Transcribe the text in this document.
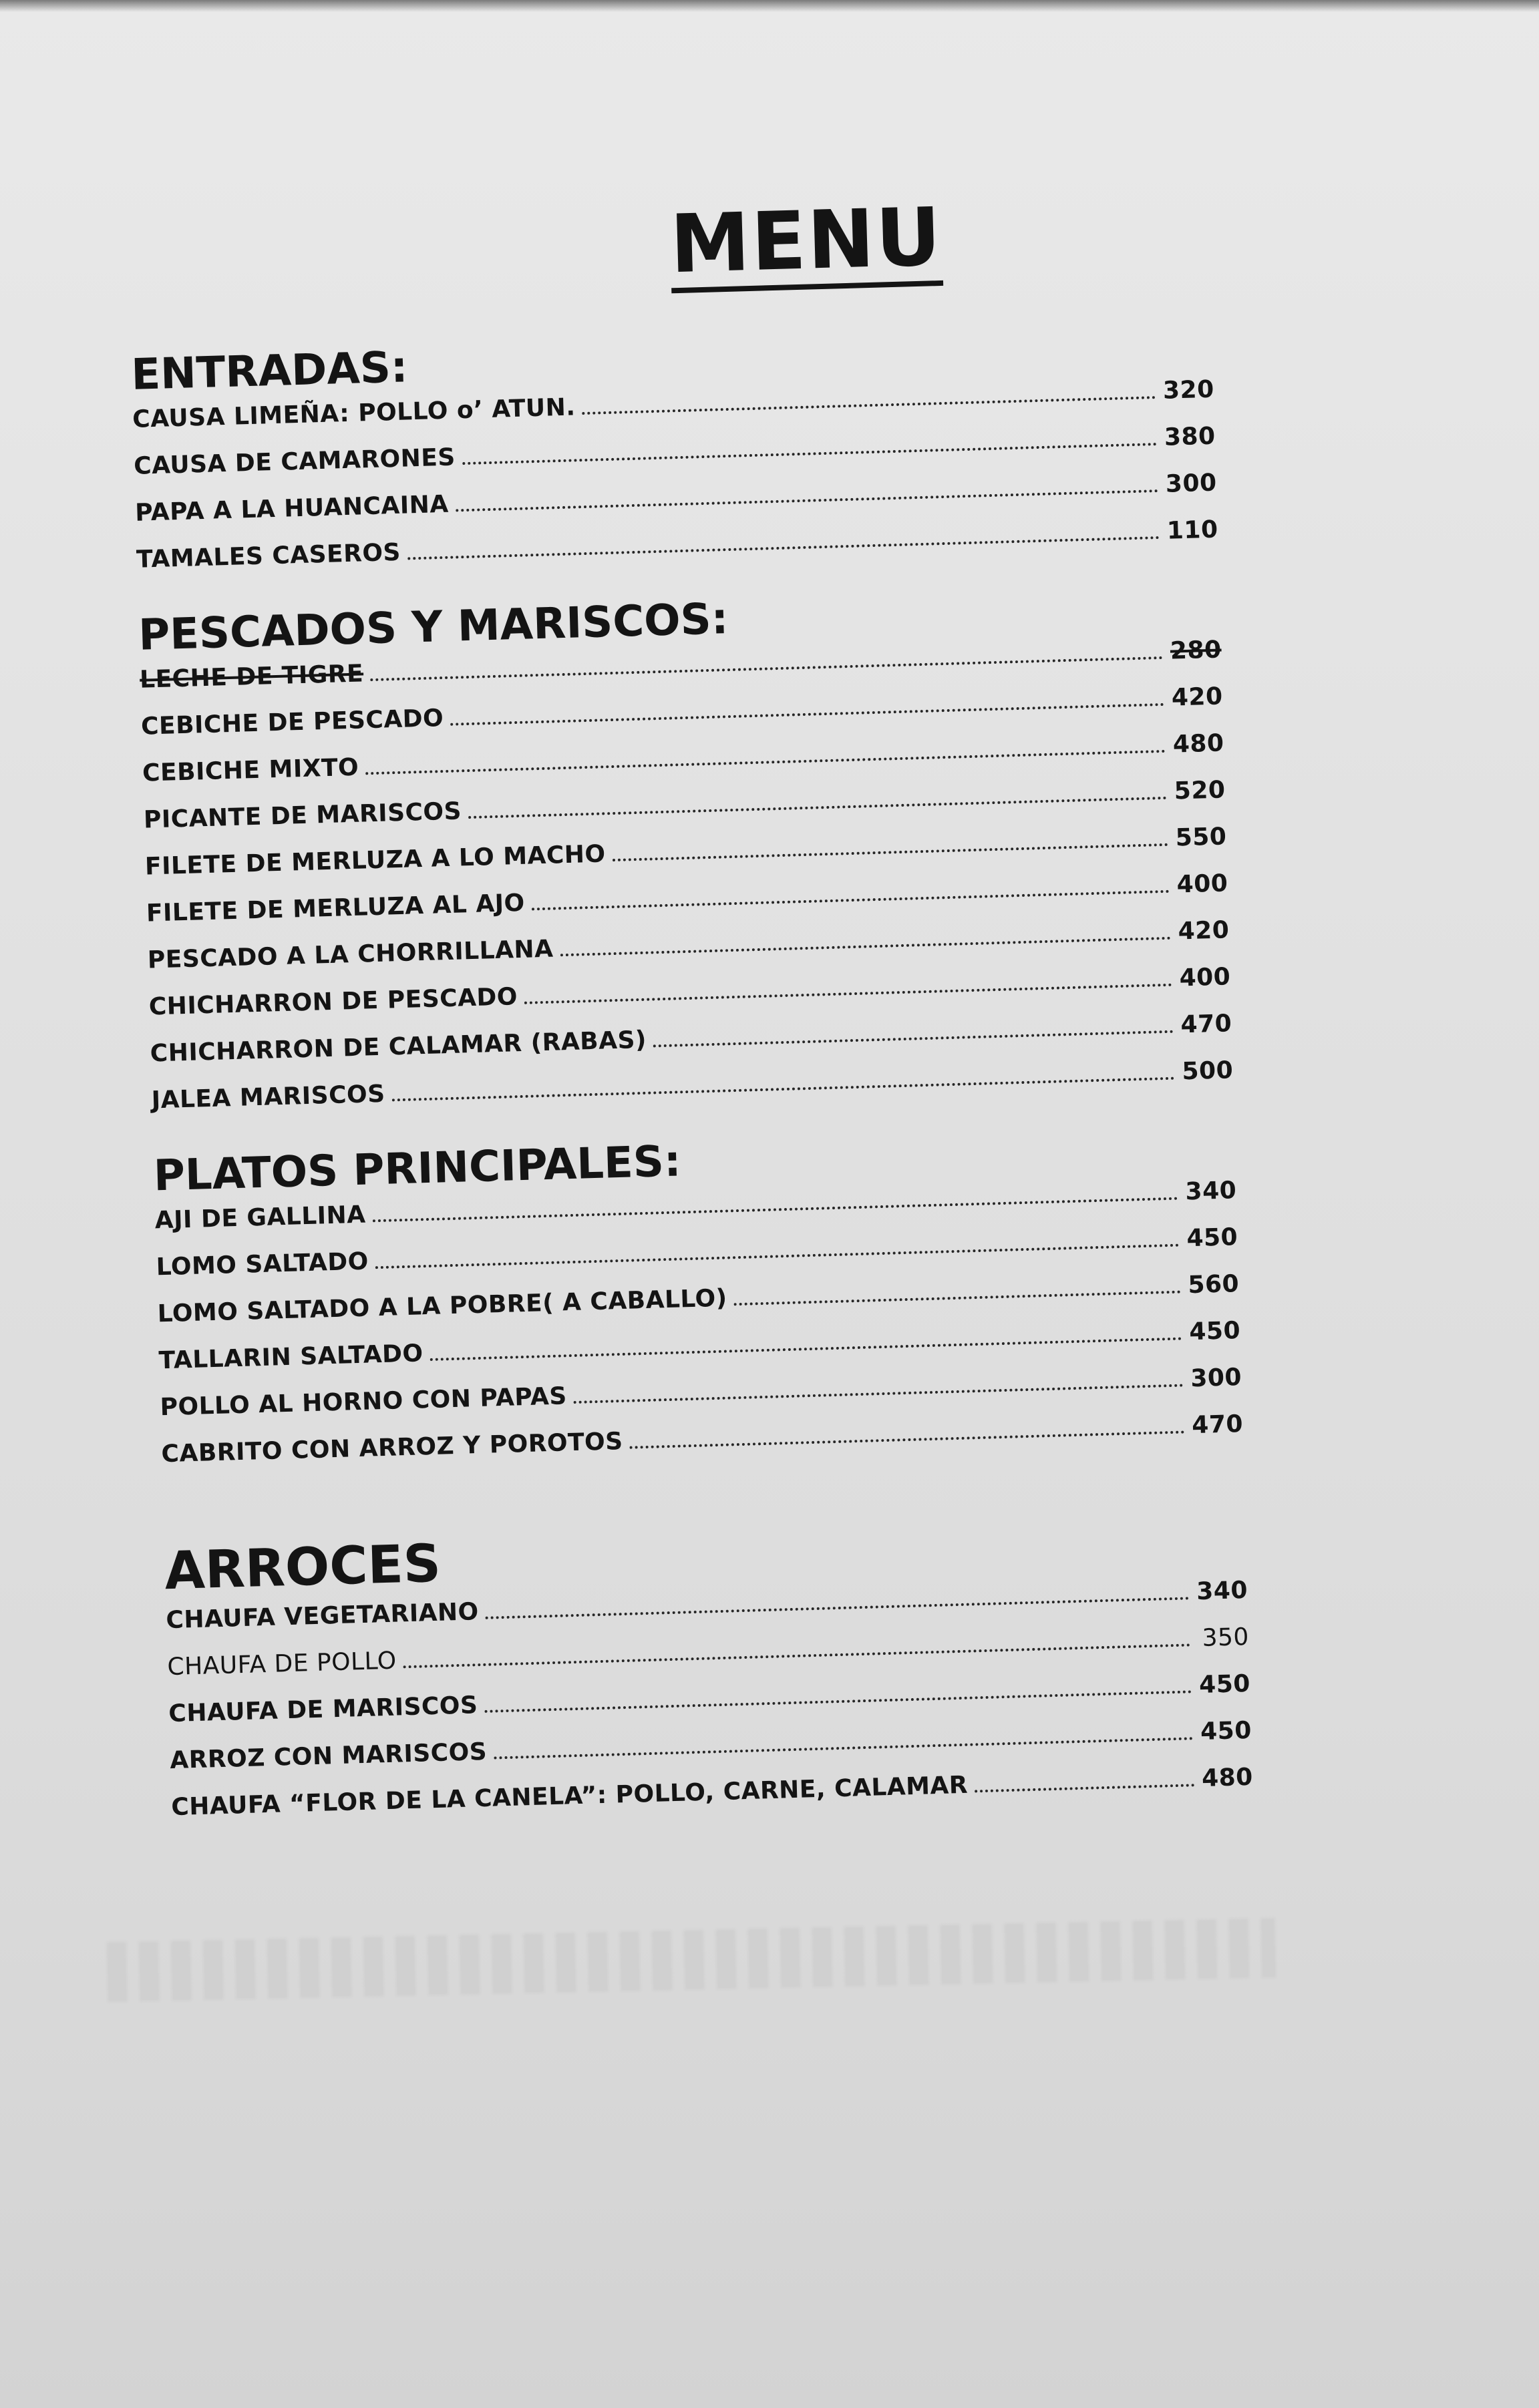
MENU
ENTRADAS:
CAUSA LIMEÑA: POLLO o’ ATUN.
320
CAUSA DE CAMARONES
380
PAPA A LA HUANCAINA
300
TAMALES CASEROS
110
PESCADOS Y MARISCOS:
LECHE DE TIGRE
280
CEBICHE DE PESCADO
420
CEBICHE MIXTO
480
PICANTE DE MARISCOS
520
FILETE DE MERLUZA A LO MACHO
550
FILETE DE MERLUZA AL AJO
400
PESCADO A LA CHORRILLANA
420
CHICHARRON DE PESCADO
400
CHICHARRON DE CALAMAR (RABAS)
470
JALEA MARISCOS
500
PLATOS PRINCIPALES:
AJI DE GALLINA
340
LOMO SALTADO
450
LOMO SALTADO A LA POBRE( A CABALLO)	560
TALLARIN SALTADO
450
POLLO AL HORNO CON PAPAS
300
CABRITO CON ARROZ Y POROTOS
470
ARROCES
CHAUFA VEGETARIANO
340
CHAUFA DE POLLO
350
CHAUFA DE MARISCOS
450
ARROZ CON MARISCOS
450
CHAUFA “FLOR DE LA CANELA”: POLLO, CARNE, CALAMAR	480
